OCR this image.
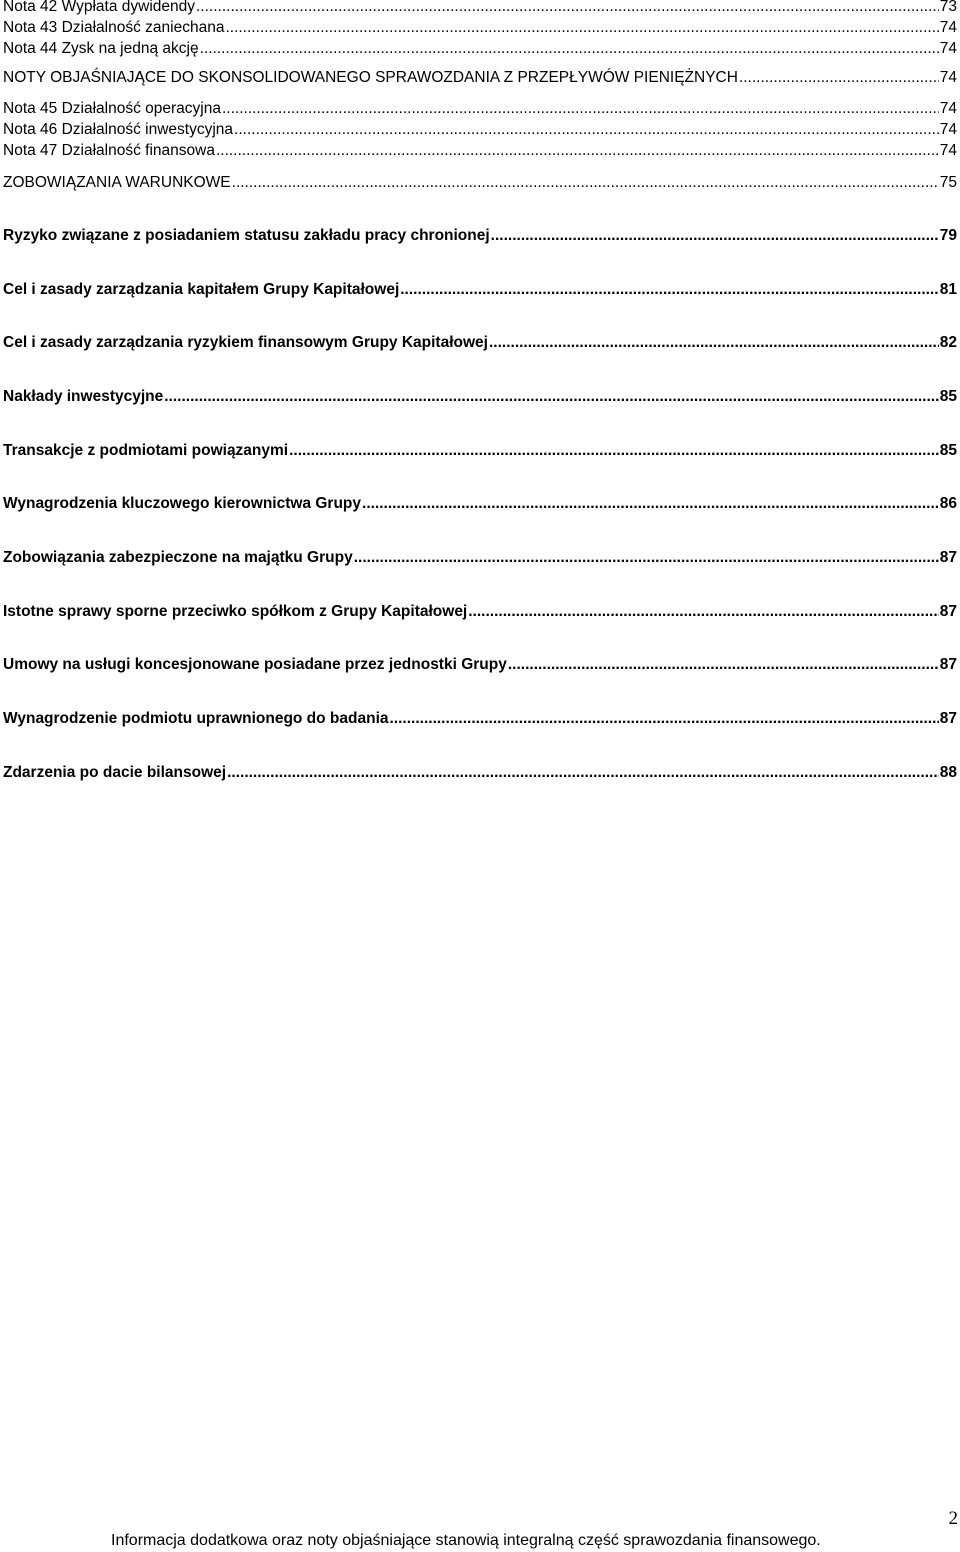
Nota 42 Wypłata dywidendy .....	73
Nota 43 Działalność zaniechana .....	74
Nota 44 Zysk na jedną akcję .....	74
NOTY OBJAŚNIAJĄCE DO SKONSOLIDOWANEGO SPRAWOZDANIA Z PRZEPŁYWÓW PIENIĘŻNYCH .....	74
Nota 45 Działalność operacyjna .....	74
Nota 46 Działalność inwestycyjna .....	74
Nota 47 Działalność finansowa .....	74
ZOBOWIĄZANIA WARUNKOWE .....	75
Ryzyko związane z posiadaniem statusu zakładu pracy chronionej .....	79
Cel i zasady zarządzania kapitałem Grupy Kapitałowej .....	81
Cel i zasady zarządzania ryzykiem finansowym Grupy Kapitałowej .....	82
Nakłady inwestycyjne .....	85
Transakcje z podmiotami powiązanymi .....	85
Wynagrodzenia kluczowego kierownictwa Grupy .....	86
Zobowiązania zabezpieczone na majątku Grupy .....	87
Istotne sprawy sporne przeciwko spółkom z Grupy Kapitałowej .....	87
Umowy na usługi koncesjonowane posiadane przez jednostki Grupy .....	87
Wynagrodzenie podmiotu uprawnionego do badania .....	87
Zdarzenia po dacie bilansowej .....	88
2
Informacja dodatkowa oraz noty objaśniające stanowią integralną część sprawozdania finansowego.
